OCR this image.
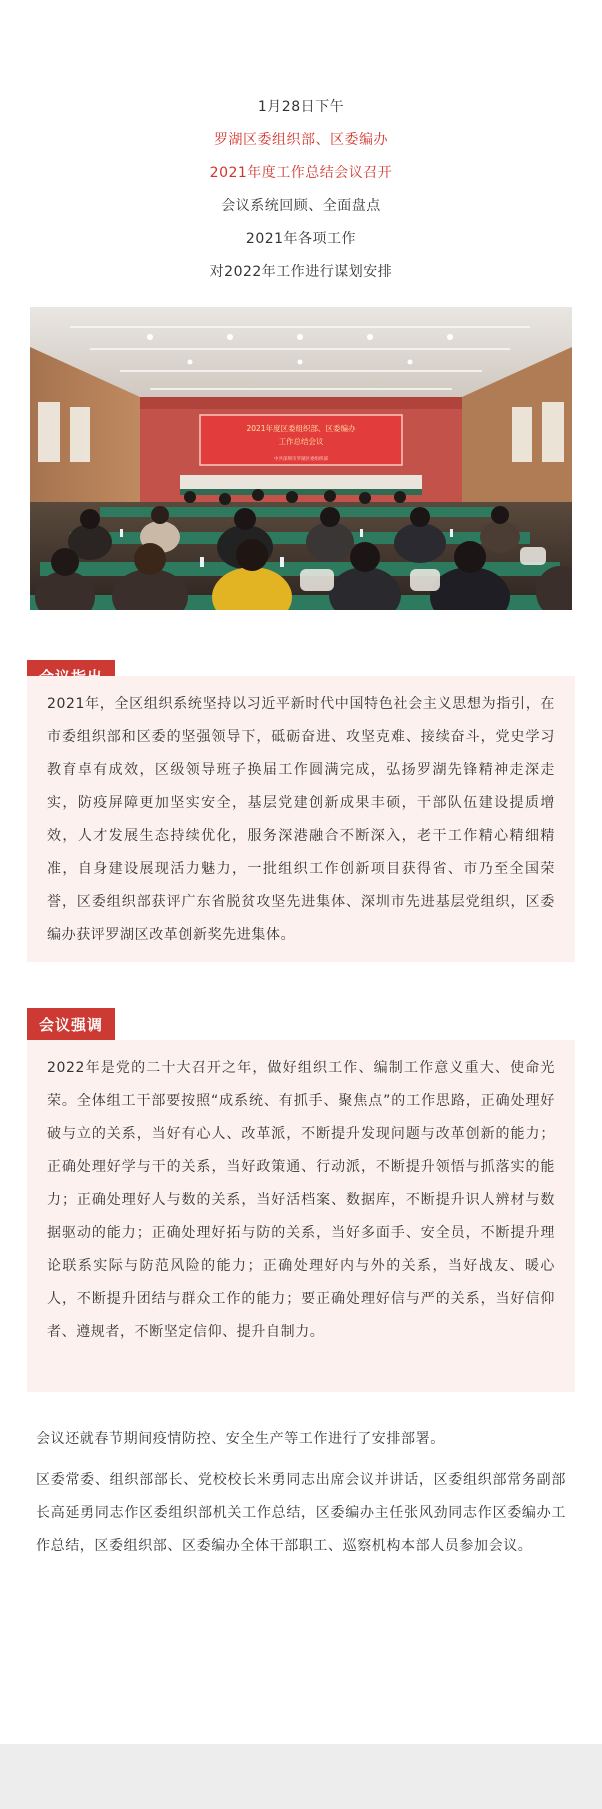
1月28日下午

罗湖区委组织部、区委编办

2021年度工作总结会议召开

会议系统回顾、全面盘点

2021年各项工作

对2022年工作进行谋划安排

2021年度区委组织部、区委编办
工作总结会议
中共深圳市罗湖区委组织部

2021年，全区组织系统坚持以习近平新时代中国特色社会主义思想为指引，在市委组织部和区委的坚强领导下，砥砺奋进、攻坚克难、接续奋斗，党史学习教育卓有成效，区级领导班子换届工作圆满完成，弘扬罗湖先锋精神走深走实，防疫屏障更加坚实安全，基层党建创新成果丰硕，干部队伍建设提质增效，人才发展生态持续优化，服务深港融合不断深入，老干工作精心精细精准，自身建设展现活力魅力，一批组织工作创新项目获得省、市乃至全国荣誉，区委组织部获评广东省脱贫攻坚先进集体、深圳市先进基层党组织，区委编办获评罗湖区改革创新奖先进集体。

会议强调

2022年是党的二十大召开之年，做好组织工作、编制工作意义重大、使命光荣。全体组工干部要按照“成系统、有抓手、聚焦点”的工作思路，正确处理好破与立的关系，当好有心人、改革派，不断提升发现问题与改革创新的能力；正确处理好学与干的关系，当好政策通、行动派，不断提升领悟与抓落实的能力；正确处理好人与数的关系，当好活档案、数据库，不断提升识人辨材与数据驱动的能力；正确处理好拓与防的关系，当好多面手、安全员，不断提升理论联系实际与防范风险的能力；正确处理好内与外的关系，当好战友、暖心人，不断提升团结与群众工作的能力；要正确处理好信与严的关系，当好信仰者、遵规者，不断坚定信仰、提升自制力。

会议还就春节期间疫情防控、安全生产等工作进行了安排部署。

区委常委、组织部部长、党校校长米勇同志出席会议并讲话，区委组织部常务副部长高延勇同志作区委组织部机关工作总结，区委编办主任张风劲同志作区委编办工作总结，区委组织部、区委编办全体干部职工、巡察机构本部人员参加会议。
